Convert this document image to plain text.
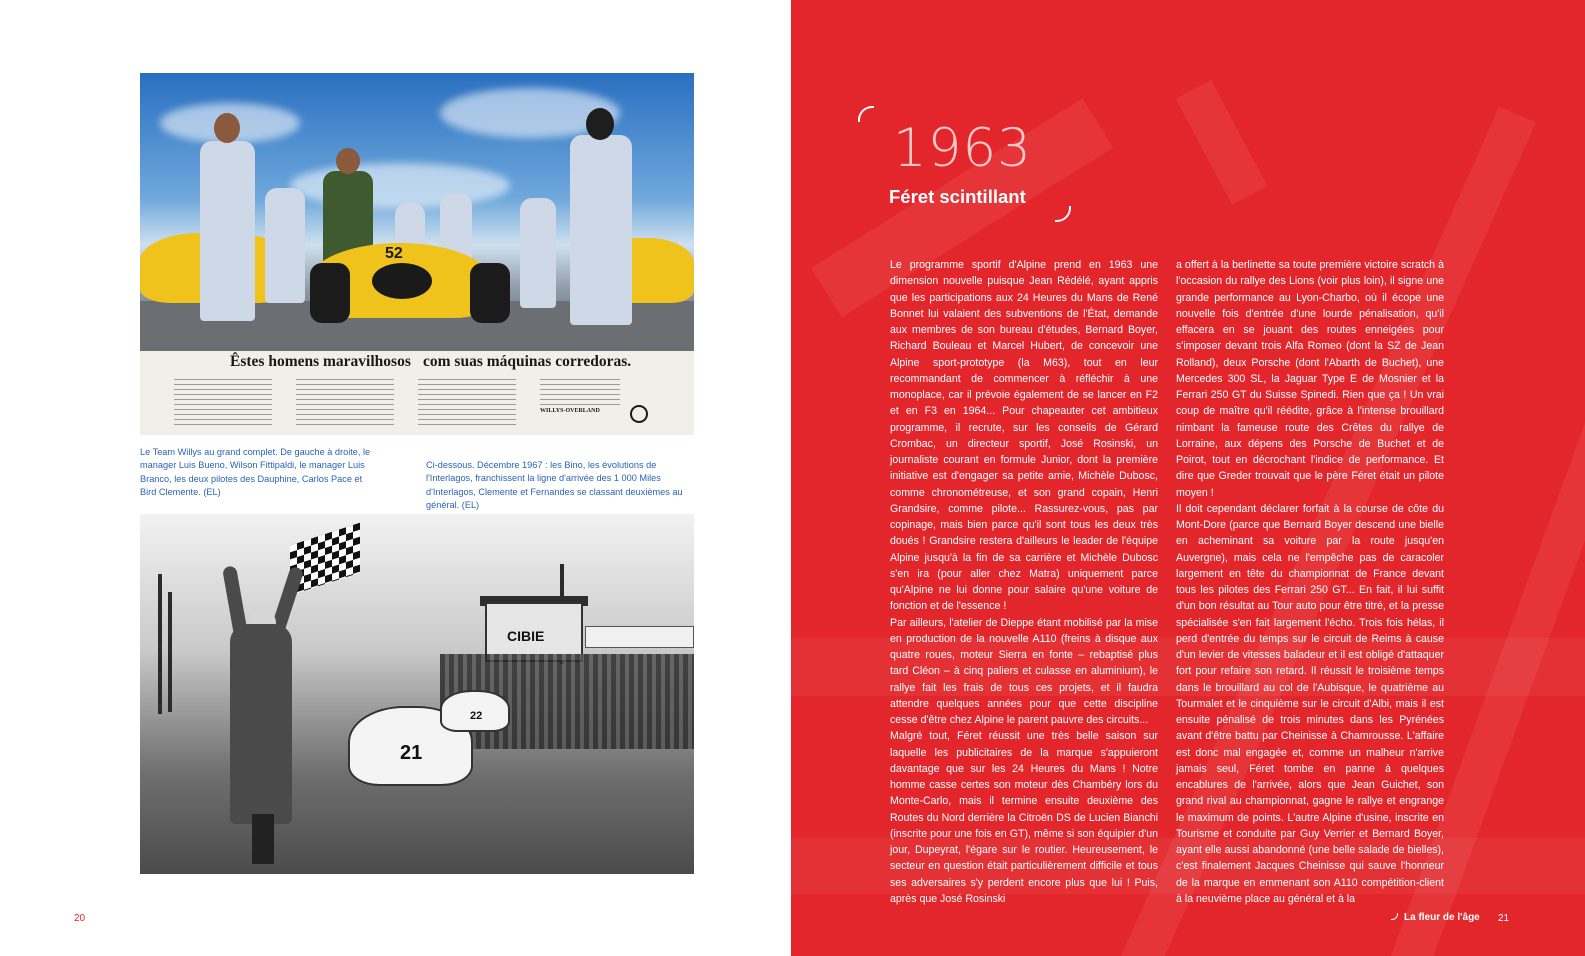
52
Êstes homens maravilhosos com suas máquinas corredoras.
WILLYS-OVERLAND
Le Team Willys au grand complet. De gauche à droite, le manager Luis Bueno, Wilson Fittipaldi, le manager Luis Branco, les deux pilotes des Dauphine, Carlos Pace et Bird Clemente. (EL)
Ci-dessous. Décembre 1967 : les Bino, les évolutions de l'Interlagos, franchissent la ligne d'arrivée des 1 000 Miles d'Interlagos, Clemente et Fernandes se classant deuxièmes au général. (EL)
CIBIE
21
22
20
1963
Féret scintillant

Le programme sportif d'Alpine prend en 1963 une dimension nouvelle puisque Jean Rédélé, ayant appris que les participations aux 24 Heures du Mans de René Bonnet lui valaient des subventions de l'État, demande aux membres de son bureau d'études, Bernard Boyer, Richard Bouleau et Marcel Hubert, de concevoir une Alpine sport-prototype (la M63), tout en leur recommandant de commencer à réfléchir à une monoplace, car il prévoie également de se lancer en F2 et en F3 en 1964... Pour chapeauter cet ambitieux programme, il recrute, sur les conseils de Gérard Crombac, un directeur sportif, José Rosinski, un journaliste courant en formule Junior, dont la première initiative est d'engager sa petite amie, Michèle Dubosc, comme chronométreuse, et son grand copain, Henri Grandsire, comme pilote... Rassurez-vous, pas par copinage, mais bien parce qu'il sont tous les deux très doués ! Grandsire restera d'ailleurs le leader de l'équipe Alpine jusqu'à la fin de sa carrière et Michèle Dubosc s'en ira (pour aller chez Matra) uniquement parce qu'Alpine ne lui donne pour salaire qu'une voiture de fonction et de l'essence !

Par ailleurs, l'atelier de Dieppe étant mobilisé par la mise en production de la nouvelle A110 (freins à disque aux quatre roues, moteur Sierra en fonte – rebaptisé plus tard Cléon – à cinq paliers et culasse en aluminium), le rallye fait les frais de tous ces projets, et il faudra attendre quelques années pour que cette discipline cesse d'être chez Alpine le parent pauvre des circuits...

Malgré tout, Féret réussit une très belle saison sur laquelle les publicitaires de la marque s'appuieront davantage que sur les 24 Heures du Mans ! Notre homme casse certes son moteur dès Chambéry lors du Monte-Carlo, mais il termine ensuite deuxième des Routes du Nord derrière la Citroën DS de Lucien Bianchi (inscrite pour une fois en GT), même si son équipier d'un jour, Dupeyrat, l'égare sur le routier. Heureusement, le secteur en question était particulièrement difficile et tous ses adversaires s'y perdent encore plus que lui ! Puis, après que José Rosinski

a offert à la berlinette sa toute première victoire scratch à l'occasion du rallye des Lions (voir plus loin), il signe une grande performance au Lyon-Charbo, où il écope une nouvelle fois d'entrée d'une lourde pénalisation, qu'il effacera en se jouant des routes enneigées pour s'imposer devant trois Alfa Romeo (dont la SZ de Jean Rolland), deux Porsche (dont l'Abarth de Buchet), une Mercedes 300 SL, la Jaguar Type E de Mosnier et la Ferrari 250 GT du Suisse Spinedi. Rien que ça ! Un vrai coup de maître qu'il réédite, grâce à l'intense brouillard nimbant la fameuse route des Crêtes du rallye de Lorraine, aux dépens des Porsche de Buchet et de Poirot, tout en décrochant l'indice de performance. Et dire que Greder trouvait que le père Féret était un pilote moyen !

Il doit cependant déclarer forfait à la course de côte du Mont-Dore (parce que Bernard Boyer descend une bielle en acheminant sa voiture par la route jusqu'en Auvergne), mais cela ne l'empêche pas de caracoler largement en tête du championnat de France devant tous les pilotes des Ferrari 250 GT... En fait, il lui suffit d'un bon résultat au Tour auto pour être titré, et la presse spécialisée s'en fait largement l'écho. Trois fois hélas, il perd d'entrée du temps sur le circuit de Reims à cause d'un levier de vitesses baladeur et il est obligé d'attaquer fort pour refaire son retard. Il réussit le troisième temps dans le brouillard au col de l'Aubisque, le quatrième au Tourmalet et le cinquième sur le circuit d'Albi, mais il est ensuite pénalisé de trois minutes dans les Pyrénées avant d'être battu par Cheinisse à Chamrousse. L'affaire est donc mal engagée et, comme un malheur n'arrive jamais seul, Féret tombe en panne à quelques encablures de l'arrivée, alors que Jean Guichet, son grand rival au championnat, gagne le rallye et engrange le maximum de points. L'autre Alpine d'usine, inscrite en Tourisme et conduite par Guy Verrier et Bernard Boyer, ayant elle aussi abandonné (une belle salade de bielles), c'est finalement Jacques Cheinisse qui sauve l'honneur de la marque en emmenant son A110 compétition-client à la neuvième place au général et à la

La fleur de l'âge 21
